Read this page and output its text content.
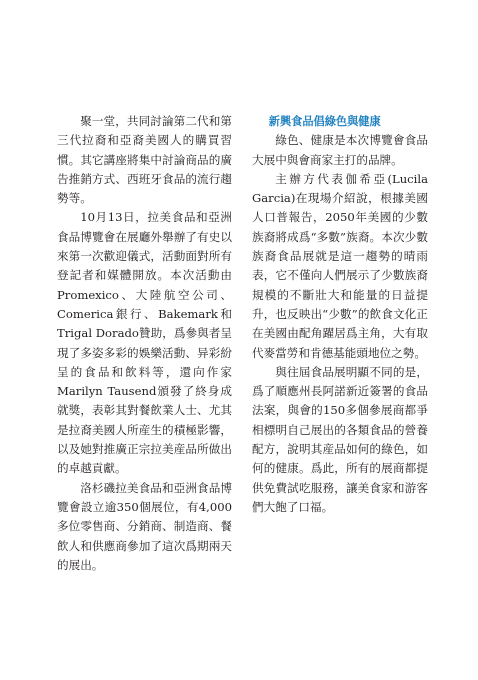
聚一堂，共同討論第二代和第三代拉裔和亞裔美國人的購買習慣。其它講座將集中討論商品的廣告推銷方式、西班牙食品的流行趨勢等。

10月13日，拉美食品和亞洲食品博覽會在展廳外舉辦了有史以來第一次歡迎儀式，活動面對所有登記者和媒體開放。本次活動由Promexico、大陸航空公司、Comerica銀行、Bakemark和Trigal Dorado贊助，爲參與者呈現了多姿多彩的娛樂活動、异彩紛呈的食品和飲料等，還向作家Marilyn Tausend頒發了終身成就獎，表彰其對餐飲業人士、尤其是拉裔美國人所産生的積極影響，以及她對推廣正宗拉美産品所做出的卓越貢獻。

洛杉磯拉美食品和亞洲食品博覽會設立逾350個展位，有4,000多位零售商、分銷商、制造商、餐飲人和供應商參加了這次爲期兩天的展出。

新興食品倡綠色與健康

綠色、健康是本次博覽會食品大展中與會商家主打的品牌。

主辦方代表伽希亞(Lucila Garcia)在現場介紹說，根據美國人口普報告，2050年美國的少數族裔將成爲“多數”族裔。本次少數族裔食品展就是這一趨勢的晴雨表，它不僅向人們展示了少數族裔規模的不斷壯大和能量的日益提升，也反映出“少數”的飲食文化正在美國由配角躍居爲主角，大有取代麥當勞和肯德基能頭地位之勢。

與往屆食品展明顯不同的是，爲了順應州長阿諾新近簽署的食品法案，與會的150多個參展商都爭相標明自己展出的各類食品的營養配方，說明其産品如何的綠色，如何的健康。爲此，所有的展商都提供免費試吃服務，讓美食家和游客們大飽了口福。
